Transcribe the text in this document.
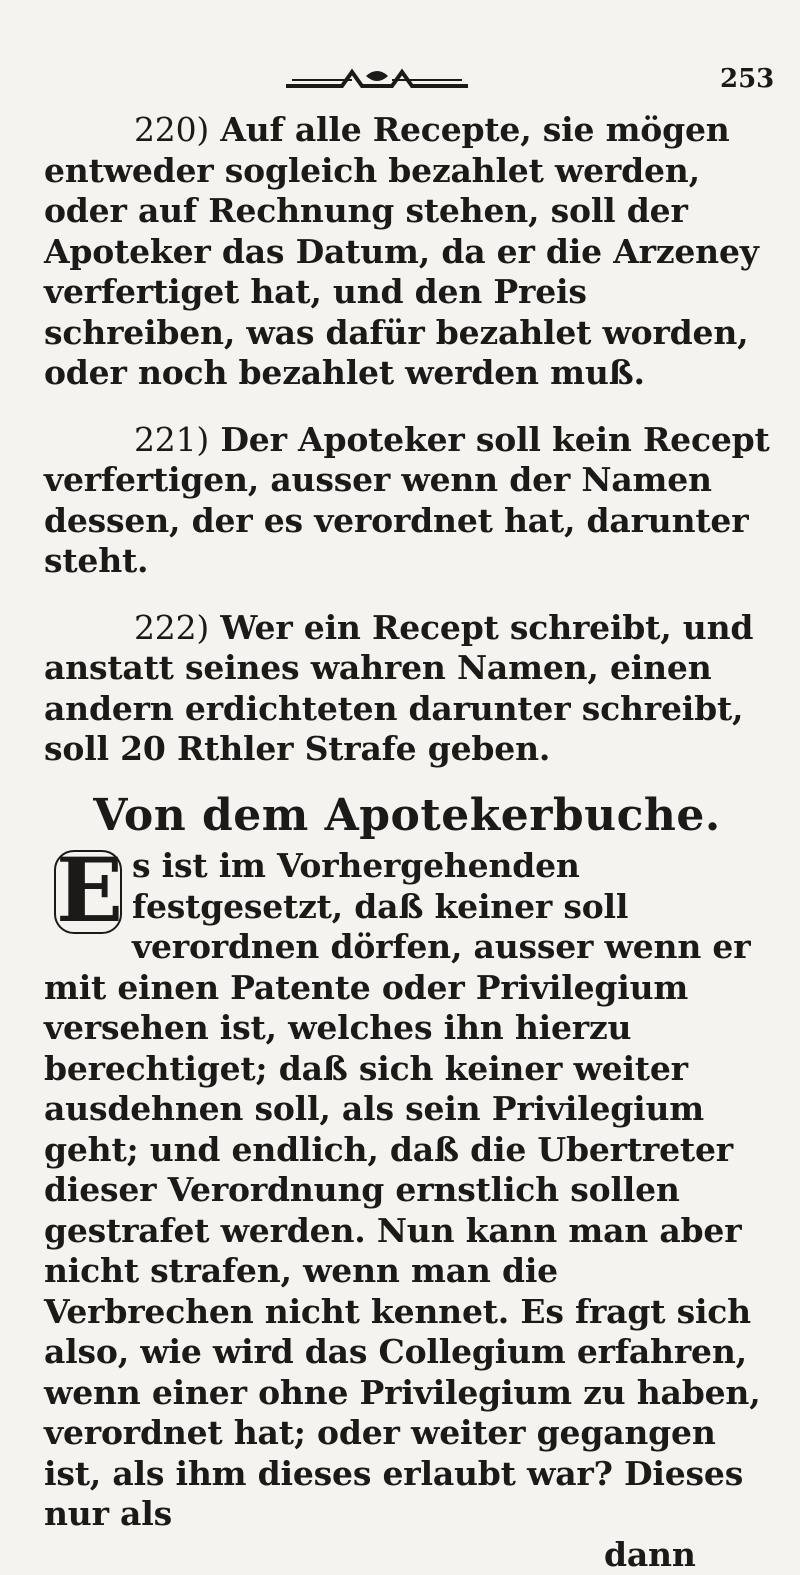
253

220) Auf alle Recepte, sie mögen entweder sogleich bezahlet werden, oder auf Rechnung stehen, soll der Apoteker das Datum, da er die Arzeney verfertiget hat, und den Preis schreiben, was dafür bezahlet worden, oder noch bezahlet werden muß.

221) Der Apoteker soll kein Recept verfertigen, ausser wenn der Namen dessen, der es verordnet hat, darunter steht.

222) Wer ein Recept schreibt, und anstatt seines wahren Namen, einen andern erdichteten darunter schreibt, soll 20 Rthler Strafe geben.

Von dem Apotekerbuche.

E s ist im Vorhergehenden festgesetzt, daß keiner soll verordnen dörfen, ausser wenn er mit einen Patente oder Privilegium versehen ist, welches ihn hierzu berechtiget; daß sich keiner weiter ausdehnen soll, als sein Privilegium geht; und endlich, daß die Ubertreter dieser Verordnung ernstlich sollen gestrafet werden. Nun kann man aber nicht strafen, wenn man die Verbrechen nicht kennet. Es fragt sich also, wie wird das Collegium erfahren, wenn einer ohne Privilegium zu haben, verordnet hat; oder weiter gegangen ist, als ihm dieses erlaubt war? Dieses nur als

dann
